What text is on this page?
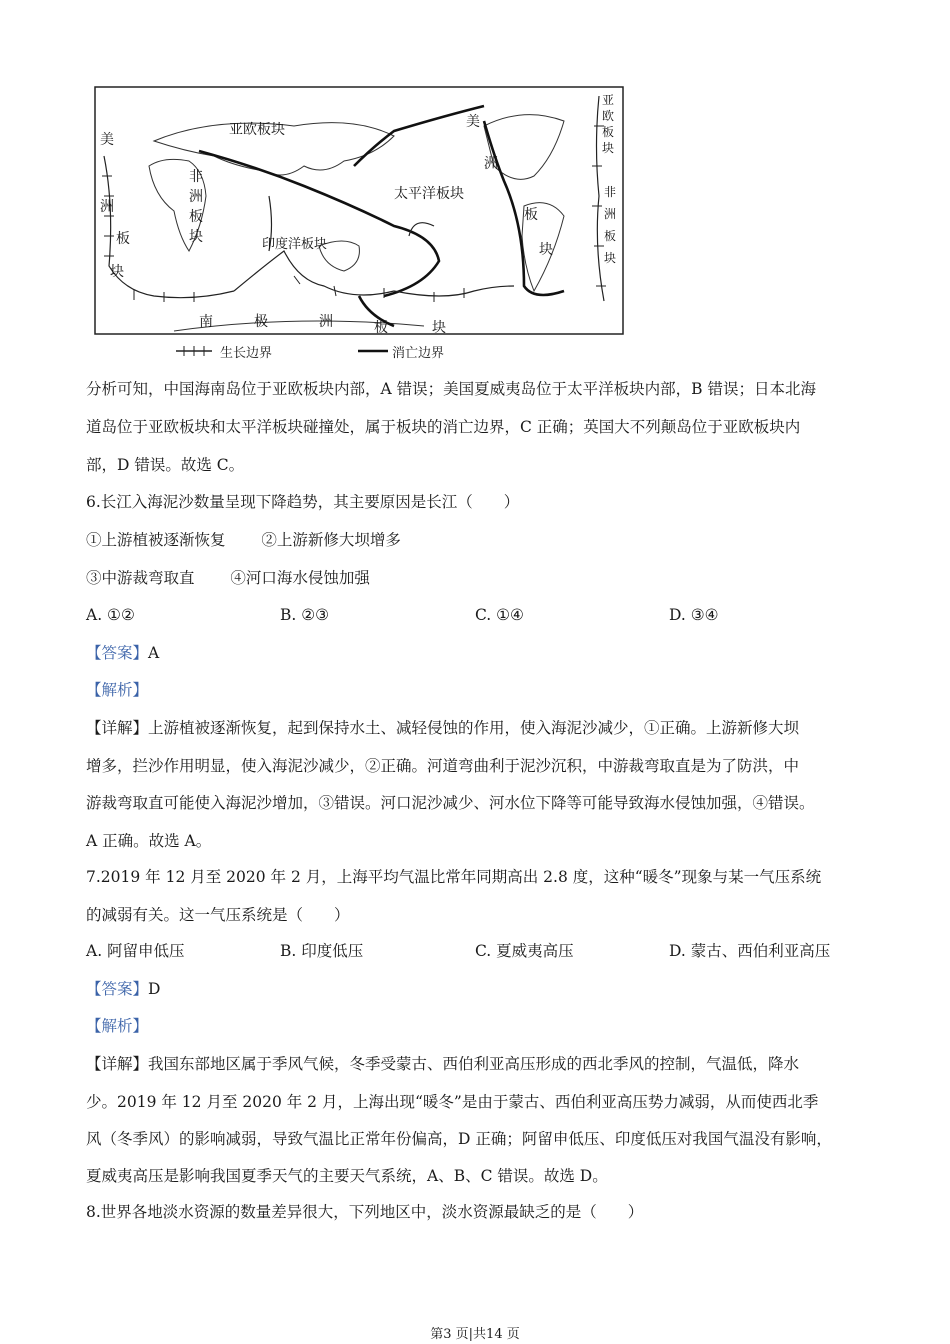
亚欧板块
太平洋板块
印度洋板块
非
洲
板
块
美
洲
板
块
美
洲
板
块
亚
欧
板
块
非
洲
板
块
南	极	洲	板	块
生长边界	消亡边界
分析可知，中国海南岛位于亚欧板块内部，A 错误；美国夏威夷岛位于太平洋板块内部，B 错误；日本北海
道岛位于亚欧板块和太平洋板块碰撞处，属于板块的消亡边界，C 正确；英国大不列颠岛位于亚欧板块内
部，D 错误。故选 C。
6.长江入海泥沙数量呈现下降趋势，其主要原因是长江（　　）
①上游植被逐渐恢复　　 ②上游新修大坝增多
③中游裁弯取直　　 ④河口海水侵蚀加强
A. ①②	B. ②③	C. ①④	D. ③④
【答案】A
【解析】
【详解】上游植被逐渐恢复，起到保持水土、减轻侵蚀的作用，使入海泥沙减少，①正确。上游新修大坝
增多，拦沙作用明显，使入海泥沙减少，②正确。河道弯曲利于泥沙沉积，中游裁弯取直是为了防洪，中
游裁弯取直可能使入海泥沙增加，③错误。河口泥沙减少、河水位下降等可能导致海水侵蚀加强，④错误。
A 正确。故选 A。
7.2019 年 12 月至 2020 年 2 月，上海平均气温比常年同期高出 2.8 度，这种“暖冬”现象与某一气压系统
的减弱有关。这一气压系统是（　　）
A. 阿留申低压	B. 印度低压	C. 夏威夷高压	D. 蒙古、西伯利亚高压
【答案】D
【解析】
【详解】我国东部地区属于季风气候，冬季受蒙古、西伯利亚高压形成的西北季风的控制，气温低，降水
少。2019 年 12 月至 2020 年 2 月，上海出现“暖冬”是由于蒙古、西伯利亚高压势力减弱，从而使西北季
风（冬季风）的影响减弱，导致气温比正常年份偏高，D 正确；阿留申低压、印度低压对我国气温没有影响，
夏威夷高压是影响我国夏季天气的主要天气系统，A、B、C 错误。故选 D。
8.世界各地淡水资源的数量差异很大，下列地区中，淡水资源最缺乏的是（　　）
第3 页|共14 页
